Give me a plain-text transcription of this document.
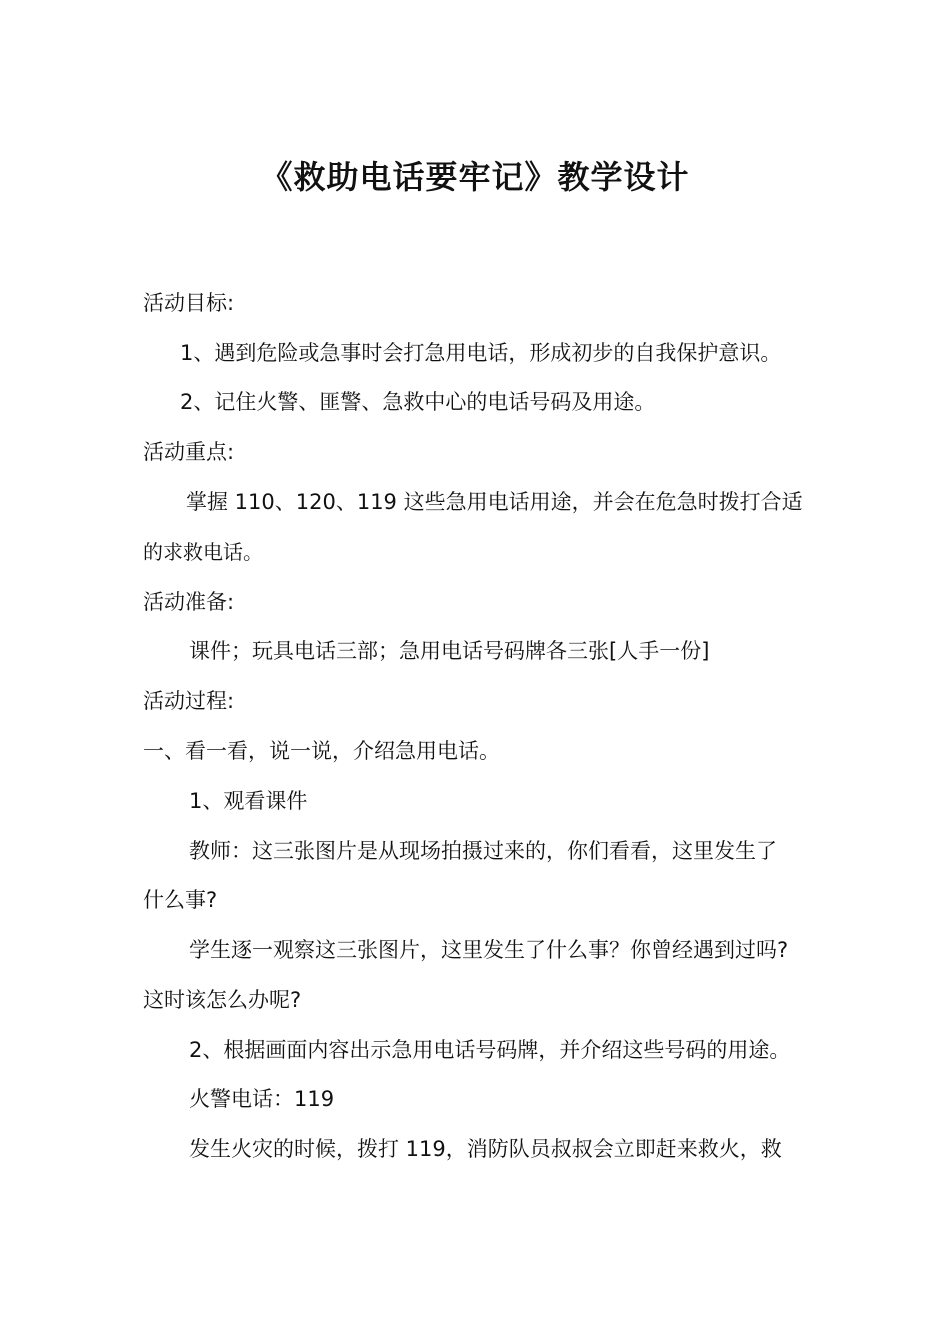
《救助电话要牢记》教学设计

活动目标:

1、遇到危险或急事时会打急用电话，形成初步的自我保护意识。

2、记住火警、匪警、急救中心的电话号码及用途。

活动重点:

掌握 110、120、119 这些急用电话用途，并会在危急时拨打合适

的求救电话。

活动准备:

课件；玩具电话三部；急用电话号码牌各三张[人手一份]

活动过程:

一、看一看，说一说，介绍急用电话。

1、观看课件

教师：这三张图片是从现场拍摄过来的，你们看看，这里发生了

什么事?

学生逐一观察这三张图片，这里发生了什么事？你曾经遇到过吗?

这时该怎么办呢?

2、根据画面内容出示急用电话号码牌，并介绍这些号码的用途。

火警电话：119

发生火灾的时候，拨打 119，消防队员叔叔会立即赶来救火，救
